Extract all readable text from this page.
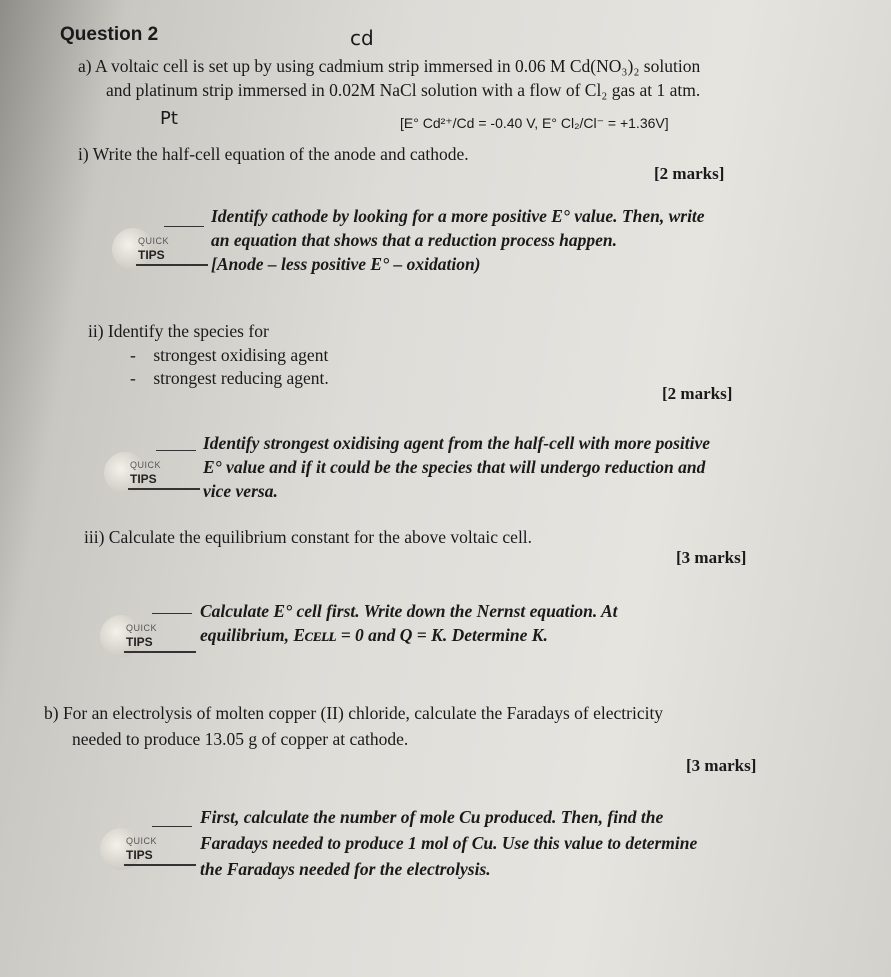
Question 2	cd
a) A voltaic cell is set up by using cadmium strip immersed in 0.06 M Cd(NO₃)₂ solution
and platinum strip immersed in 0.02M NaCl solution with a flow of Cl₂ gas at 1 atm.
Pt	[E° Cd²⁺/Cd = -0.40 V, E° Cl₂/Cl⁻ = +1.36V]
i) Write the half-cell equation of the anode and cathode.
[2 marks]
QUICK
TIPS
Identify cathode by looking for a more positive E° value. Then, write
an equation that shows that a reduction process happen.
[Anode – less positive E° – oxidation)
ii) Identify the species for
-    strongest oxidising agent
-    strongest reducing agent.
[2 marks]
QUICK
TIPS
Identify strongest oxidising agent from the half-cell with more positive
E° value and if it could be the species that will undergo reduction and
vice versa.
iii) Calculate the equilibrium constant for the above voltaic cell.
[3 marks]
QUICK
TIPS
Calculate E° cell first. Write down the Nernst equation. At
equilibrium, Eᴄᴇʟʟ = 0 and Q = K. Determine K.
b) For an electrolysis of molten copper (II) chloride, calculate the Faradays of electricity
needed to produce 13.05 g of copper at cathode.
[3 marks]
QUICK
TIPS
First, calculate the number of mole Cu produced. Then, find the
Faradays needed to produce 1 mol of Cu. Use this value to determine
the Faradays needed for the electrolysis.
